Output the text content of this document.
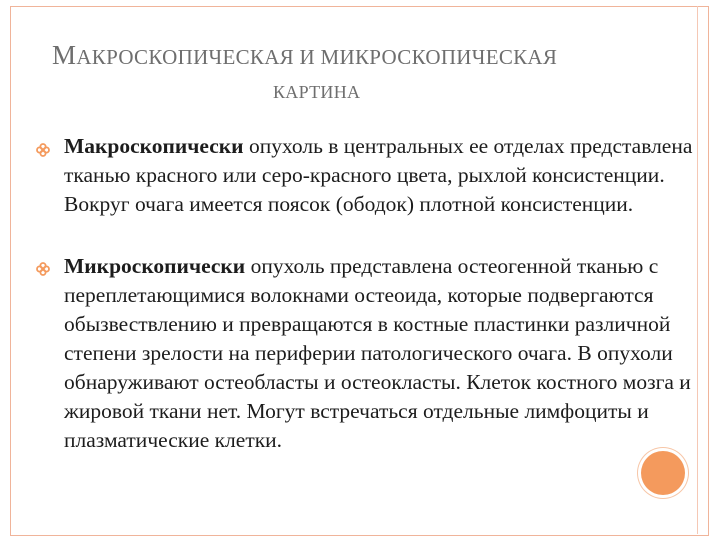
МАКРОСКОПИЧЕСКАЯ И МИКРОСКОПИЧЕСКАЯ
КАРТИНА
Макроскопически опухоль в центральных ее отделах представлена тканью красного или серо-красного цвета, рыхлой консистенции. Вокруг очага имеется поясок (ободок) плотной консистенции.
Микроскопически опухоль представлена остеогенной тканью с переплетающимися волокнами остеоида, которые подвергаются обызвествлению и превращаются в костные пластинки различной степени зрелости на периферии патологического очага. В опухоли обнаруживают остеобласты и остеокласты. Клеток костного мозга и жировой ткани нет. Могут встречаться отдельные лимфоциты и плазматические клетки.
